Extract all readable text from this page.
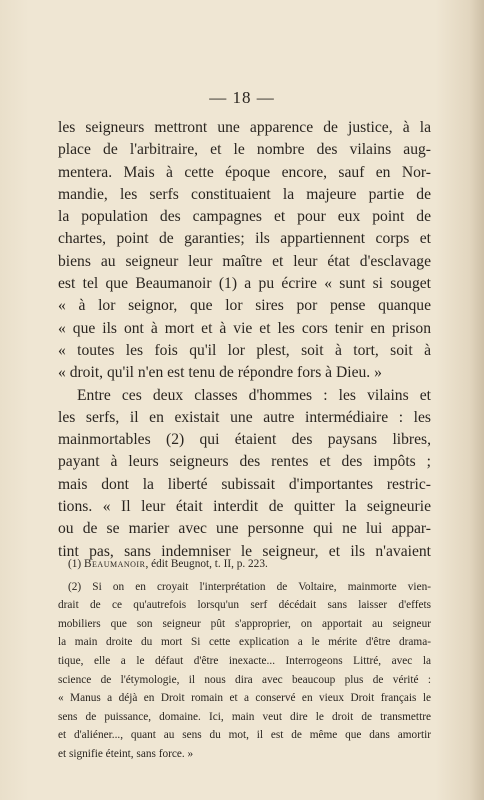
— 18 —
les seigneurs mettront une apparence de justice, à la
place de l'arbitraire, et le nombre des vilains aug-
mentera. Mais à cette époque encore, sauf en Nor-
mandie, les serfs constituaient la majeure partie de
la population des campagnes et pour eux point de
chartes, point de garanties; ils appartiennent corps et
biens au seigneur leur maître et leur état d'esclavage
est tel que Beaumanoir (1) a pu écrire « sunt si souget
« à lor seignor, que lor sires por pense quanque
« que ils ont à mort et à vie et les cors tenir en prison
« toutes les fois qu'il lor plest, soit à tort, soit à
« droit, qu'il n'en est tenu de répondre fors à Dieu. »
Entre ces deux classes d'hommes : les vilains et
les serfs, il en existait une autre intermédiaire : les
mainmortables (2) qui étaient des paysans libres,
payant à leurs seigneurs des rentes et des impôts ;
mais dont la liberté subissait d'importantes restric-
tions. « Il leur était interdit de quitter la seigneurie
ou de se marier avec une personne qui ne lui appar-
tint pas, sans indemniser le seigneur, et ils n'avaient
(1) Beaumanoir, édit Beugnot, t. II, p. 223.
(2) Si on en croyait l'interprétation de Voltaire, mainmorte vien-
drait de ce qu'autrefois lorsqu'un serf décédait sans laisser d'effets
mobiliers que son seigneur pût s'approprier, on apportait au seigneur
la main droite du mort Si cette explication a le mérite d'être drama-
tique, elle a le défaut d'être inexacte... Interrogeons Littré, avec la
science de l'étymologie, il nous dira avec beaucoup plus de vérité :
« Manus a déjà en Droit romain et a conservé en vieux Droit français le
sens de puissance, domaine. Ici, main veut dire le droit de transmettre
et d'aliéner..., quant au sens du mot, il est de même que dans amortir
et signifie éteint, sans force. »
